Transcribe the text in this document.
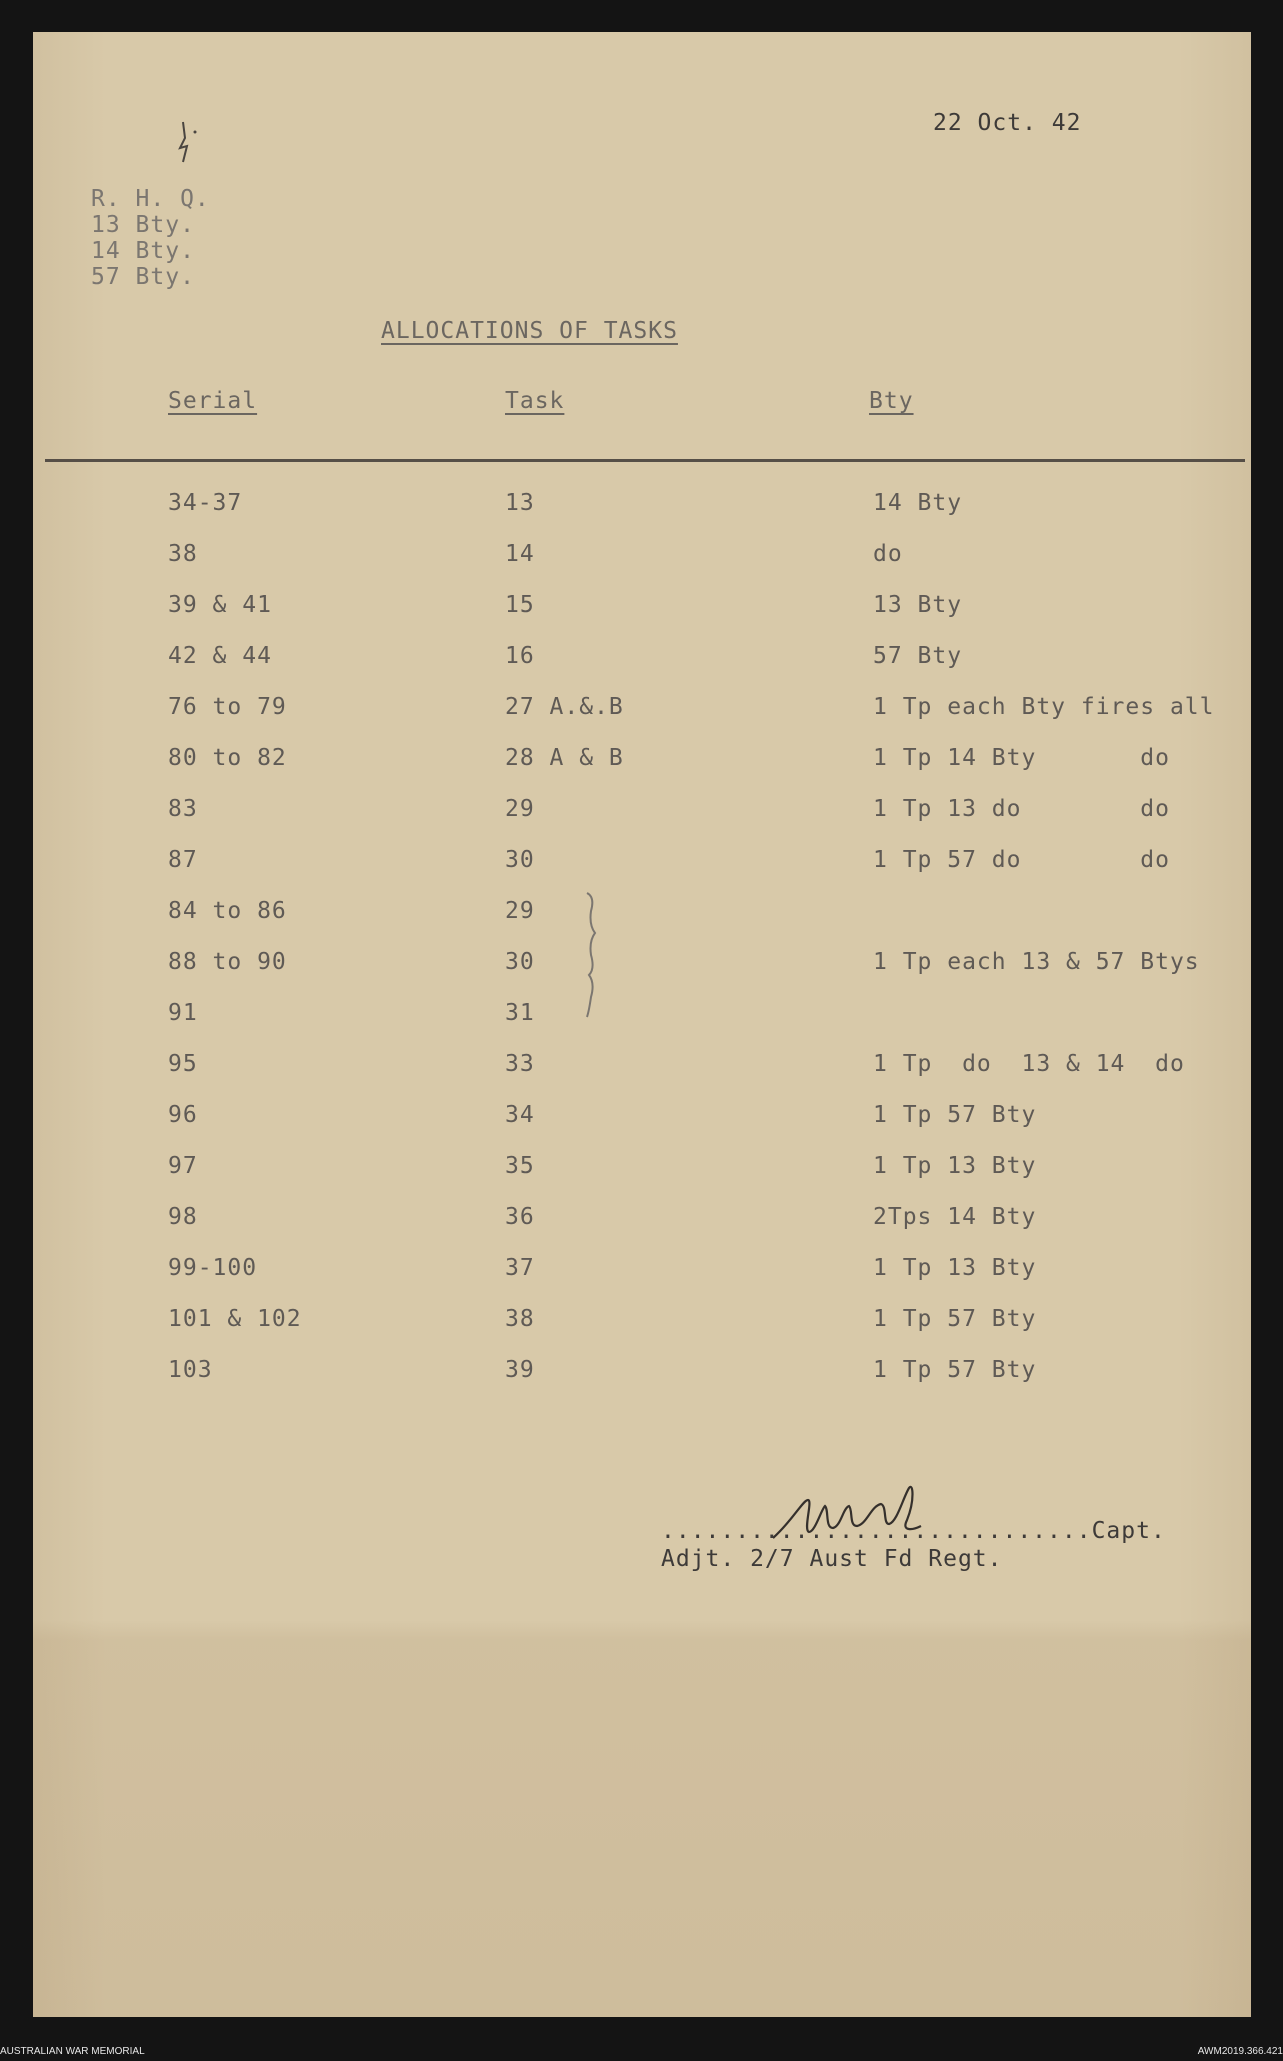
22 Oct. 42
R. H. Q.
13 Bty.
14 Bty.
57 Bty.
ALLOCATIONS OF TASKS
Serial	Task	Bty
34-37	13	14 Bty
38	14	do
39 & 41	15	13 Bty
42 & 44	16	57 Bty
76 to 79	27 A.&.B	1 Tp each Bty fires all
80 to 82	28 A & B	1 Tp 14 Bty       do
83	29	1 Tp 13 do        do
87	30	1 Tp 57 do        do
84 to 86	29
88 to 90	30	1 Tp each 13 & 57 Btys
91	31
95	33	1 Tp  do  13 & 14  do
96	34	1 Tp 57 Bty
97	35	1 Tp 13 Bty
98	36	2Tps 14 Bty
99-100	37	1 Tp 13 Bty
101 & 102	38	1 Tp 57 Bty
103	39	1 Tp 57 Bty
.............................Capt.
Adjt. 2/7 Aust Fd Regt.
AUSTRALIAN WAR MEMORIAL	AWM2019.366.421
